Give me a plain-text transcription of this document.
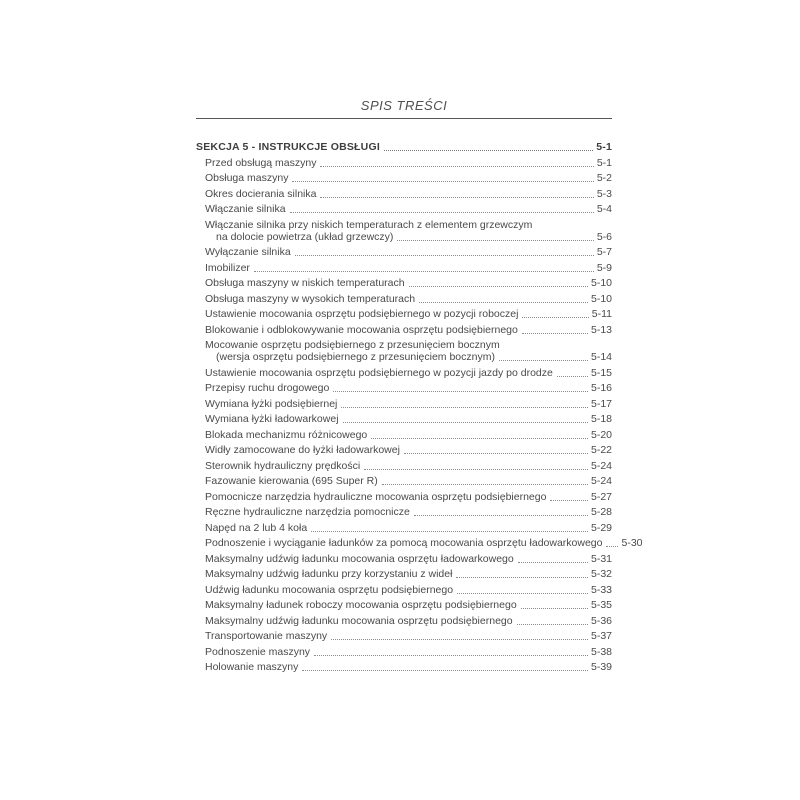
SPIS TREŚCI
SEKCJA 5 - INSTRUKCJE OBSŁUGI	5-1
Przed obsługą maszyny	5-1
Obsługa maszyny	5-2
Okres docierania silnika	5-3
Włączanie silnika	5-4
Włączanie silnika przy niskich temperaturach z elementem grzewczym
na dolocie powietrza (układ grzewczy)	5-6
Wyłączanie silnika	5-7
Imobilizer	5-9
Obsługa maszyny w niskich temperaturach	5-10
Obsługa maszyny w wysokich temperaturach	5-10
Ustawienie mocowania osprzętu podsiębiernego w pozycji roboczej	5-11
Blokowanie i odblokowywanie mocowania osprzętu podsiębiernego	5-13
Mocowanie osprzętu podsiębiernego z przesunięciem bocznym
(wersja osprzętu podsiębiernego z przesunięciem bocznym)	5-14
Ustawienie mocowania osprzętu podsiębiernego w pozycji jazdy po drodze	5-15
Przepisy ruchu drogowego	5-16
Wymiana łyżki podsiębiernej	5-17
Wymiana łyżki ładowarkowej	5-18
Blokada mechanizmu różnicowego	5-20
Widły zamocowane do łyżki ładowarkowej	5-22
Sterownik hydrauliczny prędkości	5-24
Fazowanie kierowania (695 Super R)	5-24
Pomocnicze narzędzia hydrauliczne mocowania osprzętu podsiębiernego	5-27
Ręczne hydrauliczne narzędzia pomocnicze	5-28
Napęd na 2 lub 4 koła	5-29
Podnoszenie i wyciąganie ładunków za pomocą mocowania osprzętu ładowarkowego 5-30
Maksymalny udźwig ładunku mocowania osprzętu ładowarkowego	5-31
Maksymalny udźwig ładunku przy korzystaniu z wideł	5-32
Udźwig ładunku mocowania osprzętu podsiębiernego	5-33
Maksymalny ładunek roboczy mocowania osprzętu podsiębiernego	5-35
Maksymalny udźwig ładunku mocowania osprzętu podsiębiernego	5-36
Transportowanie maszyny	5-37
Podnoszenie maszyny	5-38
Holowanie maszyny	5-39
